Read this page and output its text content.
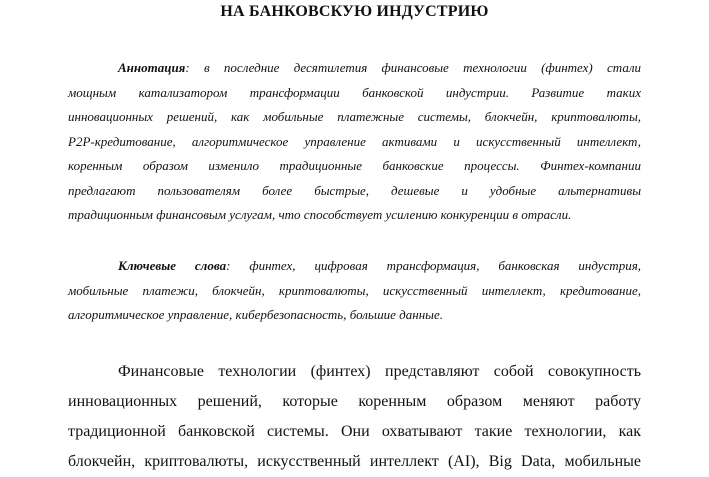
НА БАНКОВСКУЮ ИНДУСТРИЮ
Аннотация: в последние десятилетия финансовые технологии (финтех) стали
мощным катализатором трансформации банковской индустрии. Развитие таких
инновационных решений, как мобильные платежные системы, блокчейн, криптовалюты,
P2P-кредитование, алгоритмическое управление активами и искусственный интеллект,
коренным образом изменило традиционные банковские процессы. Финтех-компании
предлагают пользователям более быстрые, дешевые и удобные альтернативы
традиционным финансовым услугам, что способствует усилению конкуренции в отрасли.
Ключевые слова: финтех, цифровая трансформация, банковская индустрия,
мобильные платежи, блокчейн, криптовалюты, искусственный интеллект, кредитование,
алгоритмическое управление, кибербезопасность, большие данные.
Финансовые технологии (финтех) представляют собой совокупность
инновационных решений, которые коренным образом меняют работу
традиционной банковской системы. Они охватывают такие технологии, как
блокчейн, криптовалюты, искусственный интеллект (AI), Big Data, мобильные
